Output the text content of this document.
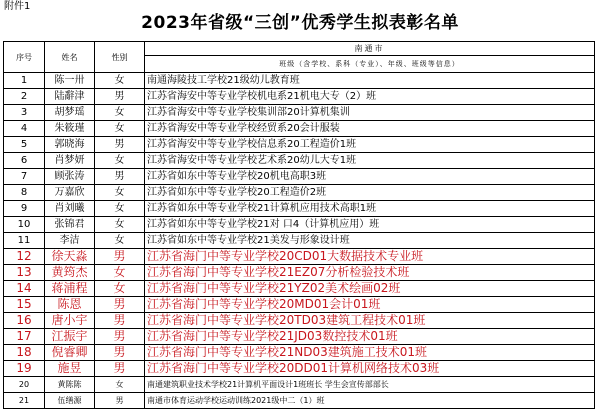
附件1
2023年省级“三创”优秀学生拟表彰名单
序号	姓名	性别	南通市
			班级（含学校、系科（专业）、年级、班级等信息）
1	陈一卅	女	南通海陵技工学校21级幼儿教育班
2	陆辭津	男	江苏省海安中等专业学校机电系21机电大专（2）班
3	胡梦瑶	女	江苏省海安中等专业学校集训部20计算机集训
4	朱筱瑾	女	江苏省海安中等专业学校经贸系20会计服装
5	郭晓海	男	江苏省海安中等专业学校信息系20工程造价1班
6	肖梦妍	女	江苏省海安中等专业学校艺术系20幼儿大专1班
7	顾张涛	男	江苏省如东中等专业学校20机电高职3班
8	万嘉欣	女	江苏省如东中等专业学校20工程造价2班
9	肖刘曦	女	江苏省如东中等专业学校21计算机应用技术高职1班
10	张锦君	女	江苏省如东中等专业学校21对 口4（计算机应用）班
11	李洁	女	江苏省如东中等专业学校21美发与形象设计班
12	徐天淼	男	江苏省海门中等专业学校20CD01大数据技术专业班
13	黄筠杰	女	江苏省海门中等专业学校21EZ07分析检验技术班
14	蒋浦程	女	江苏省海门中等专业学校21YZ02美术绘画02班
15	陈恩	男	江苏省海门中等专业学校20MD01会计01班
16	唐小宇	男	江苏省海门中等专业学校20TD03建筑工程技术01班
17	江振宇	男	江苏省海门中等专业学校21JD03数控技术01班
18	倪睿卿	男	江苏省海门中等专业学校21ND03建筑施工技术01班
19	施昱	男	江苏省海门中等专业学校20DD01计算机网络技术03班
20	黄陈陈	女	南通建筑职业技术学校21计算机平面设计1班班长 学生会宣传部部长
21	伍缮源	男	南通市体育运动学校运动训练2021级中二（1）班
